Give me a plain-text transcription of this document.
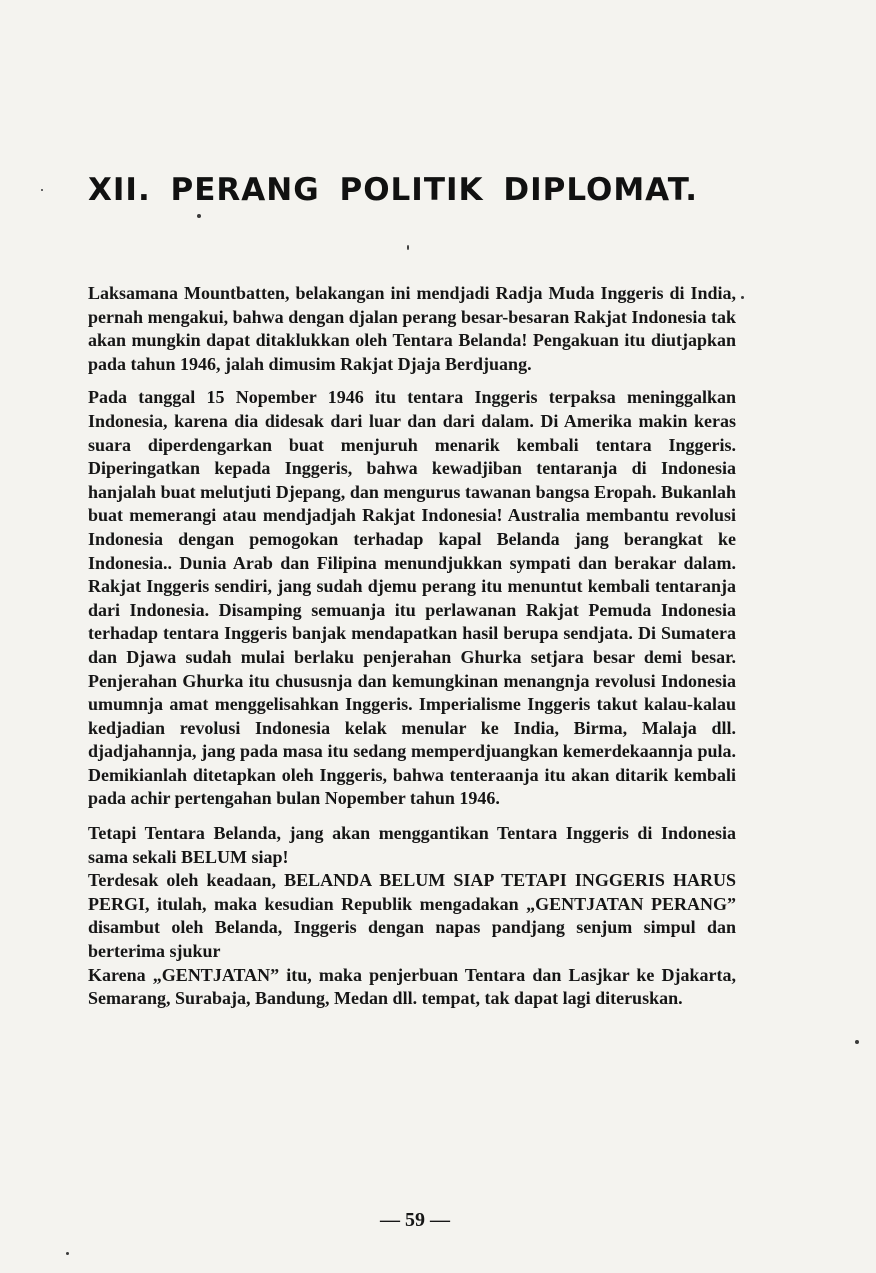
XII. PERANG POLITIK DIPLOMAT.

Laksamana Mountbatten, belakangan ini mendjadi Radja Muda Inggeris di India, pernah mengakui, bahwa dengan djalan perang besar-besaran Rakjat Indonesia tak akan mungkin dapat ditaklukkan oleh Tentara Belanda! Pengakuan itu diutjapkan pada tahun 1946, jalah dimusim Rakjat Djaja Berdjuang.

Pada tanggal 15 Nopember 1946 itu tentara Inggeris terpaksa meninggalkan Indonesia, karena dia didesak dari luar dan dari dalam. Di Amerika makin keras suara diperdengarkan buat menjuruh menarik kembali tentara Inggeris. Diperingatkan kepada Inggeris, bahwa kewadjiban tentaranja di Indonesia hanjalah buat melutjuti Djepang, dan mengurus tawanan bangsa Eropah. Bukanlah buat memerangi atau mendjadjah Rakjat Indonesia! Australia membantu revolusi Indonesia dengan pemogokan terhadap kapal Belanda jang berangkat ke Indonesia.. Dunia Arab dan Filipina menundjukkan sympati dan berakar dalam. Rakjat Inggeris sendiri, jang sudah djemu perang itu menuntut kembali tentaranja dari Indonesia. Disamping semuanja itu perlawanan Rakjat Pemuda Indonesia terhadap tentara Inggeris banjak mendapatkan hasil berupa sendjata. Di Sumatera dan Djawa sudah mulai berlaku penjerahan Ghurka setjara besar demi besar. Penjerahan Ghurka itu chususnja dan kemungkinan menangnja revolusi Indonesia umumnja amat menggelisahkan Inggeris. Imperialisme Inggeris takut kalau-kalau kedjadian revolusi Indonesia kelak menular ke India, Birma, Malaja dll. djadjahannja, jang pada masa itu sedang memperdjuangkan kemerdekaannja pula. Demikianlah ditetapkan oleh Inggeris, bahwa tenteraanja itu akan ditarik kembali pada achir pertengahan bulan Nopember tahun 1946.

Tetapi Tentara Belanda, jang akan menggantikan Tentara Inggeris di Indonesia sama sekali BELUM siap!

Terdesak oleh keadaan, BELANDA BELUM SIAP TETAPI INGGERIS HARUS PERGI, itulah, maka kesudian Republik mengadakan „GENTJATAN PERANG” disambut oleh Belanda, Inggeris dengan napas pandjang senjum simpul dan berterima sjukur

Karena „GENTJATAN” itu, maka penjerbuan Tentara dan Lasjkar ke Djakarta, Semarang, Surabaja, Bandung, Medan dll. tempat, tak dapat lagi diteruskan.

— 59 —
